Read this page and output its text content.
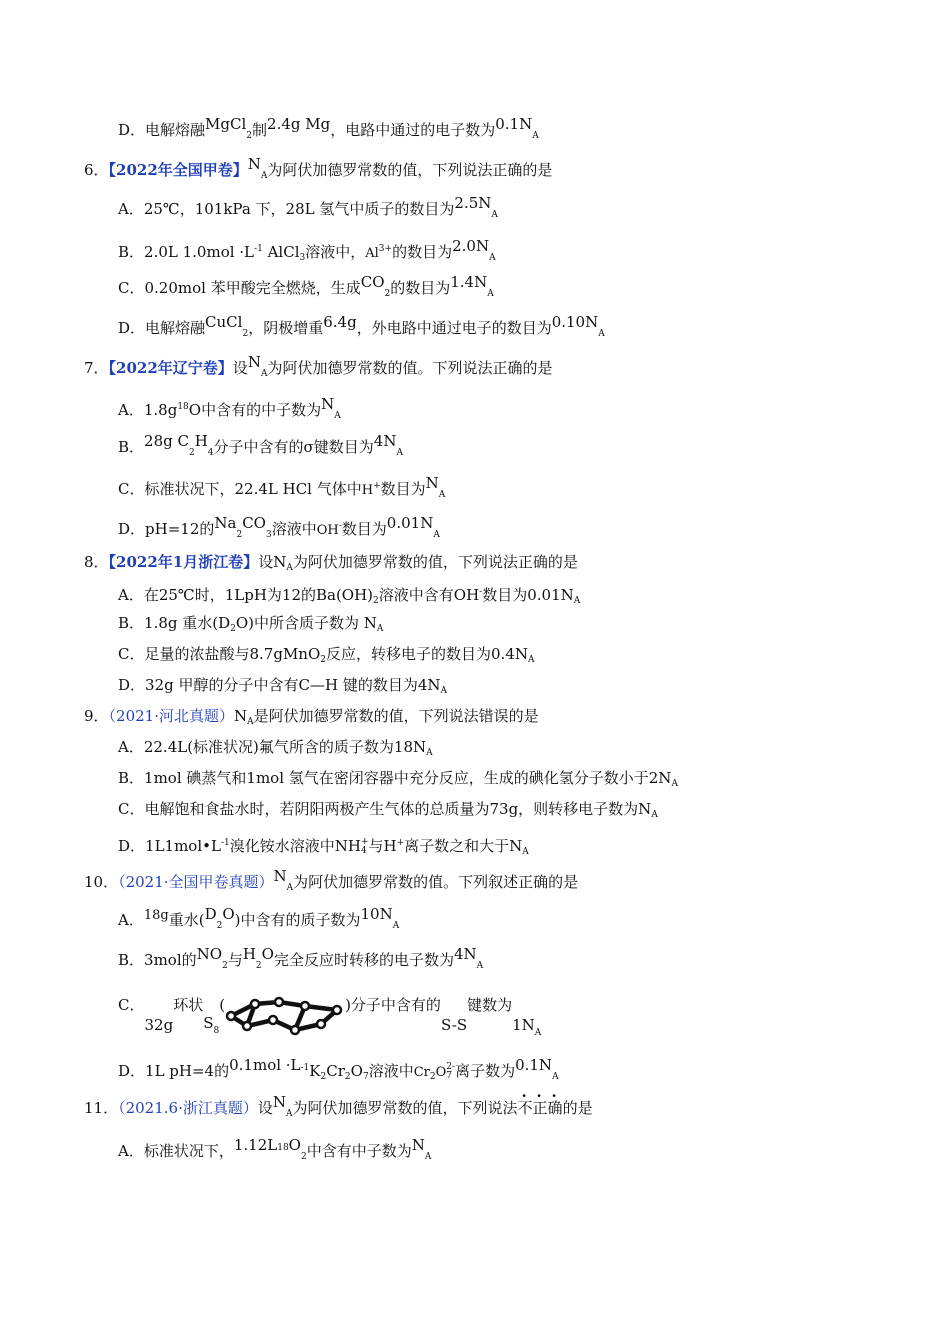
D．电解熔融MgCl$_2$制2.4g Mg，电路中通过的电子数为$0.1N_A$
6．【2022年全国甲卷】$N_A$为阿伏加德罗常数的值，下列说法正确的是
A．25℃，101kPa 下，28L 氢气中质子的数目为$2.5N_A$
B．2.0L $1.0mol \cdot L^{-1}$ AlCl$_3$溶液中，$Al^{3+}$的数目为$2.0N_A$
C．0.20mol 苯甲酸完全燃烧，生成$CO_2$的数目为$1.4N_A$
D．电解熔融CuCl$_2$，阴极增重6.4g，外电路中通过电子的数目为$0.10N_A$
7．【2022年辽宁卷】设$N_A$为阿伏加德罗常数的值。下列说法正确的是
A．$1.8g^{18}O$中含有的中子数为$N_A$
B．28g $C_2H_4$分子中含有的σ键数目为$4N_A$
C．标准状况下，22.4L HCl 气体中H+数目为$N_A$
D．pH=12的$Na_2CO_3$溶液中OH-数目为$0.01N_A$
8．【2022年1月浙江卷】设$N_A$为阿伏加德罗常数的值，下列说法正确的是
A．在25℃时，1LpH为12的$Ba(OH)_2$溶液中含有OH-数目为$0.01N_A$
B．1.8g 重水$(D_2O)$中所含质子数为 $N_A$
C．足量的浓盐酸与8.7gMnO$_2$反应，转移电子的数目为$0.4N_A$
D．32g 甲醇的分子中含有C—H 键的数目为$4N_A$
9．（2021·河北真题）$N_A$是阿伏加德罗常数的值，下列说法错误的是
A．22.4L(标准状况)氟气所含的质子数为$18N_A$
B．1mol 碘蒸气和1mol 氢气在密闭容器中充分反应，生成的碘化氢分子数小于$2N_A$
C．电解饱和食盐水时，若阴阳两极产生气体的总质量为73g，则转移电子数为$N_A$
D．$1L1mol•L^{-1}$溴化铵水溶液中NH +
4 与H+离子数之和大于$N_A$
10．（2021·全国甲卷真题）$N_A$为阿伏加德罗常数的值。下列叙述正确的是
A．18g重水$(D_2O)$中含有的质子数为$10N_A$
B．3mol的$NO_2$与$H_2O$完全反应时转移的电子数为$4N_A$
C．32g环状$S_8$(	)分子中含有的S-S键数为$1N_A$
D．1L pH=4的$0.1mol \cdot L^{-1}K_2Cr_2O_7$溶液中$Cr_2O$ 2-
7 离子数为$0.1N_A$
11．（2021.6·浙江真题）设$N_A$为阿伏加德罗常数的值，下列说法不正确的是
A．标准状况下，$1.12L^{18}O_2$中含有中子数为$N_A$
